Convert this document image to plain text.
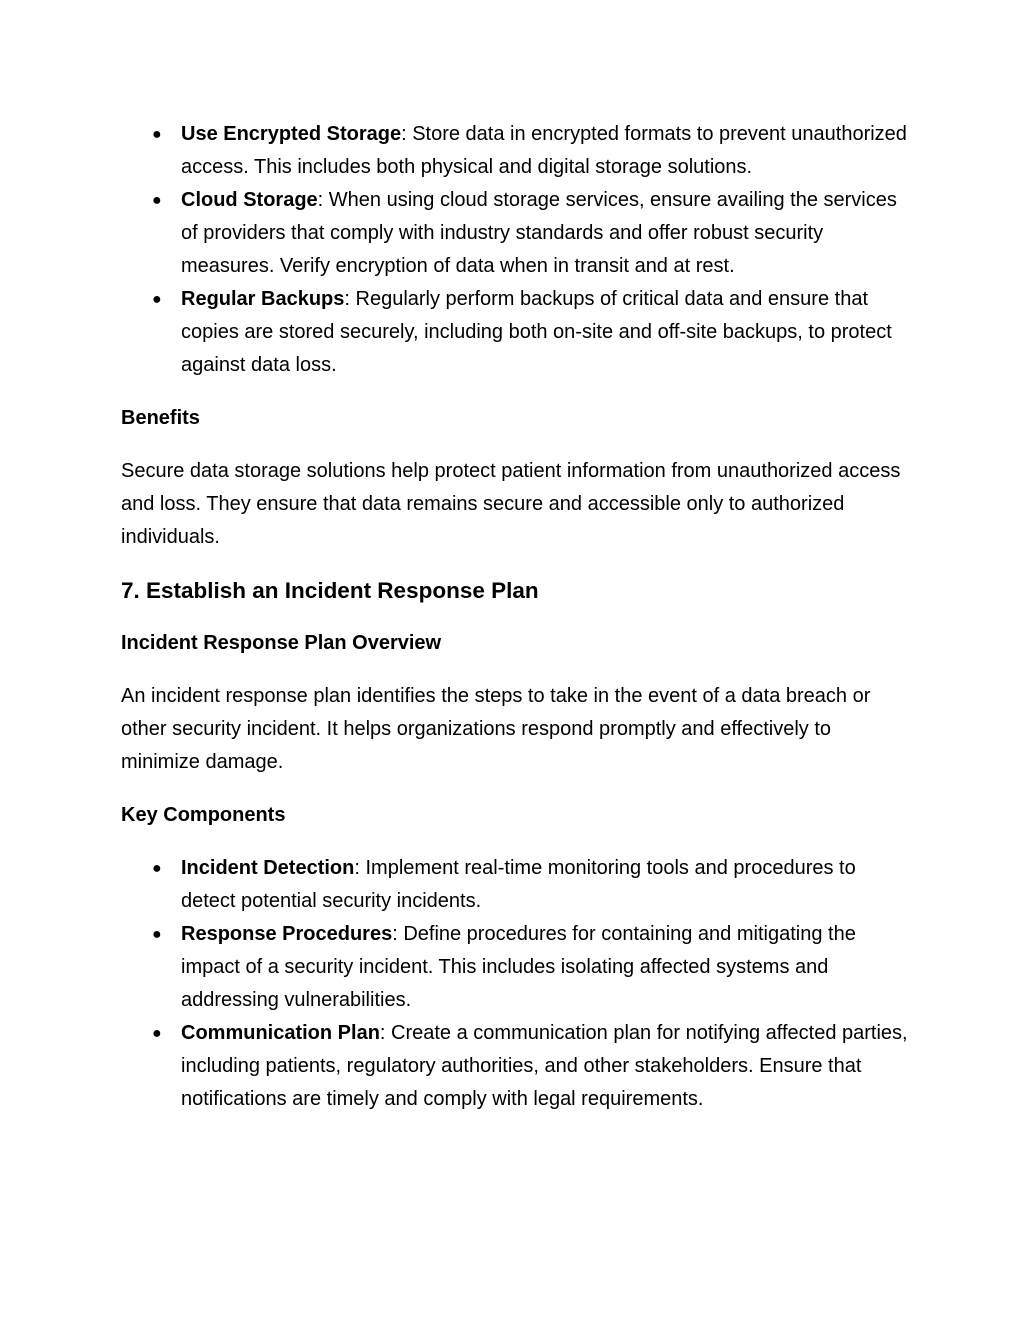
● Use Encrypted Storage: Store data in encrypted formats to prevent unauthorized access. This includes both physical and digital storage solutions.
● Cloud Storage: When using cloud storage services, ensure availing the services of providers that comply with industry standards and offer robust security measures. Verify encryption of data when in transit and at rest.
● Regular Backups: Regularly perform backups of critical data and ensure that copies are stored securely, including both on-site and off-site backups, to protect against data loss.
Benefits

Secure data storage solutions help protect patient information from unauthorized access and loss. They ensure that data remains secure and accessible only to authorized individuals.

7. Establish an Incident Response Plan
Incident Response Plan Overview

An incident response plan identifies the steps to take in the event of a data breach or other security incident. It helps organizations respond promptly and effectively to minimize damage.

Key Components
● Incident Detection: Implement real-time monitoring tools and procedures to detect potential security incidents.
● Response Procedures: Define procedures for containing and mitigating the impact of a security incident. This includes isolating affected systems and addressing vulnerabilities.
● Communication Plan: Create a communication plan for notifying affected parties, including patients, regulatory authorities, and other stakeholders. Ensure that notifications are timely and comply with legal requirements.
